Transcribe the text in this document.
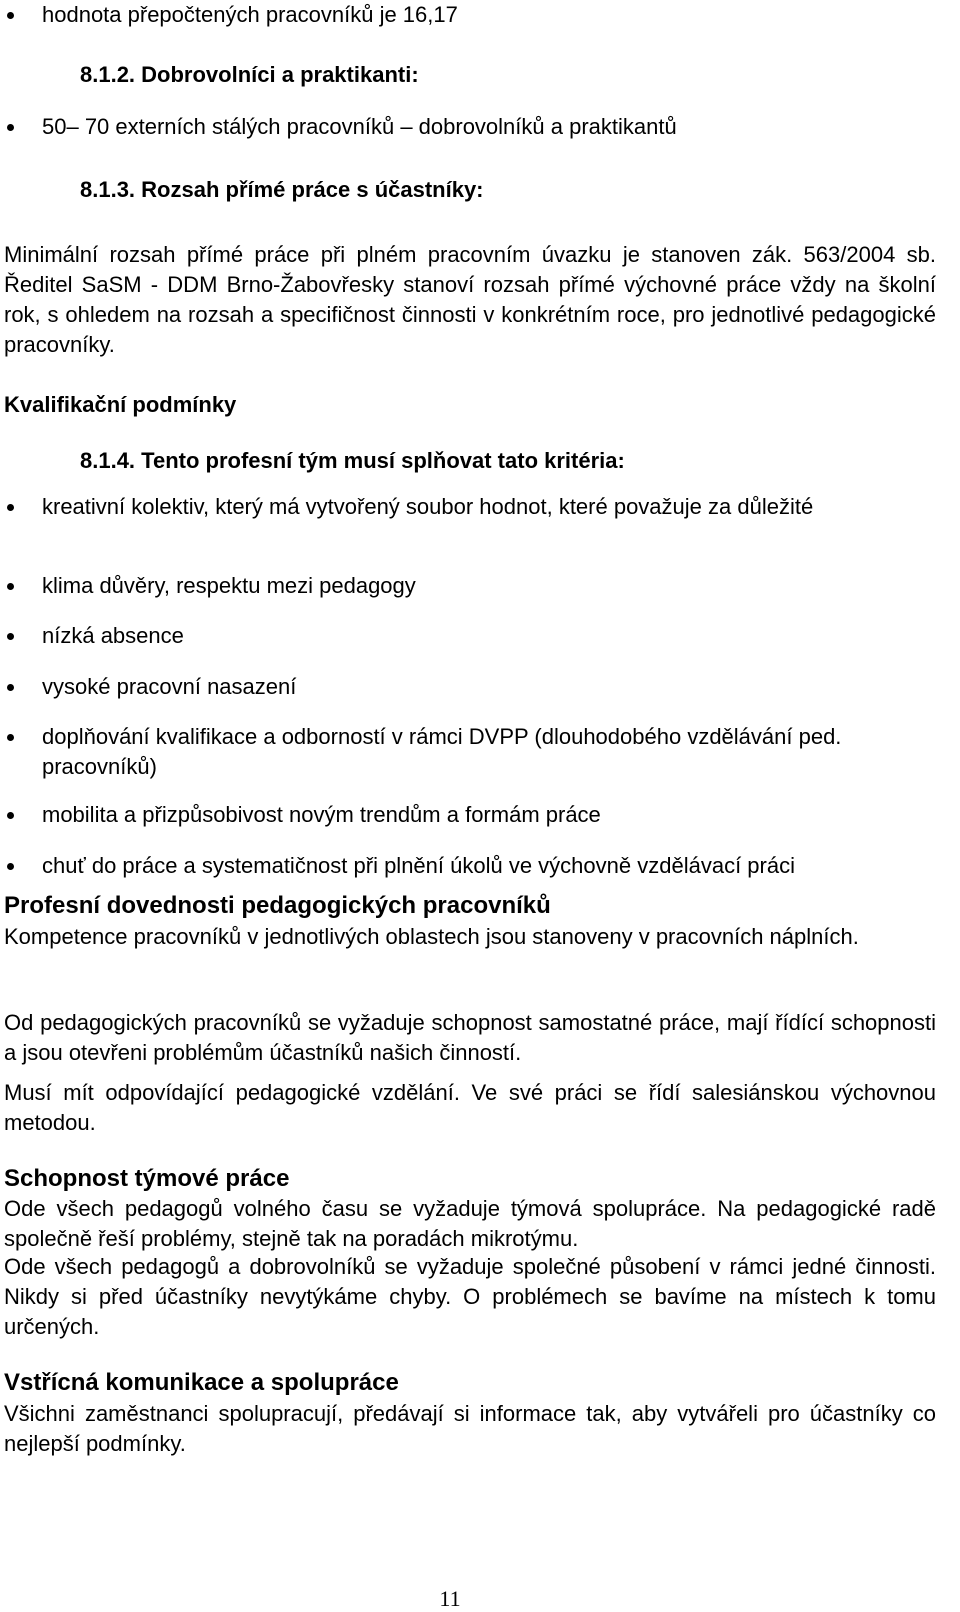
hodnota přepočtených pracovníků je 16,17
8.1.2. Dobrovolníci a praktikanti:
50– 70 externích stálých pracovníků – dobrovolníků a praktikantů
8.1.3. Rozsah přímé práce s účastníky:
Minimální rozsah přímé práce při plném pracovním úvazku je stanoven zák. 563/2004 sb. Ředitel SaSM - DDM Brno-Žabovřesky stanoví rozsah přímé výchovné práce vždy na školní rok, s ohledem na rozsah a specifičnost činnosti v konkrétním roce, pro jednotlivé pedagogické pracovníky.
Kvalifikační podmínky
8.1.4. Tento profesní tým musí splňovat tato kritéria:
kreativní kolektiv, který má vytvořený soubor hodnot, které považuje za důležité
klima důvěry, respektu mezi pedagogy
nízká absence
vysoké pracovní nasazení
doplňování kvalifikace a odborností v rámci DVPP (dlouhodobého vzdělávání ped. pracovníků)
mobilita a přizpůsobivost novým trendům a formám práce
chuť do práce a systematičnost při plnění úkolů ve výchovně vzdělávací práci
Profesní dovednosti pedagogických pracovníků
Kompetence pracovníků v jednotlivých oblastech jsou stanoveny v pracovních náplních.
Od pedagogických pracovníků se vyžaduje schopnost samostatné práce, mají řídící schopnosti a jsou otevřeni problémům účastníků našich činností.
Musí mít odpovídající pedagogické vzdělání. Ve své práci se řídí salesiánskou výchovnou metodou.
Schopnost týmové práce
Ode všech pedagogů volného času se vyžaduje týmová spolupráce. Na pedagogické radě společně řeší problémy, stejně tak na poradách mikrotýmu.
Ode všech pedagogů a dobrovolníků se vyžaduje společné působení v rámci jedné činnosti. Nikdy si před účastníky nevytýkáme chyby. O problémech se bavíme na místech k tomu určených.
Vstřícná komunikace a spolupráce
Všichni zaměstnanci spolupracují, předávají si informace tak, aby vytvářeli pro účastníky co nejlepší podmínky.
11
